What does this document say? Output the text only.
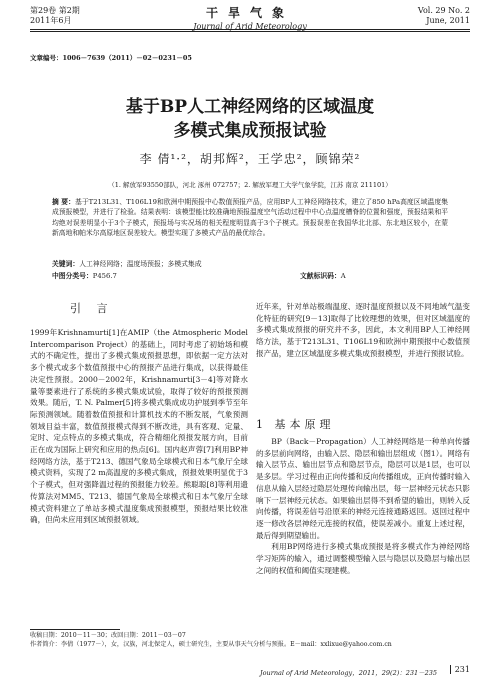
第29卷 第2期
2011年6月
干旱气象
Journal of Arid Meteorology
Vol. 29 No. 2
June, 2011
文章编号：1006－7639（2011）－02－0231－05
基于BP人工神经网络的区域温度
多模式集成预报试验
李 倩¹·²，胡邦辉²，王学忠²，顾锦荣²
（1. 解放军93550部队，河北 涿州 072757；2. 解放军理工大学气象学院，江苏 南京 211101）
摘 要：基于T213L31、T106L19和欧洲中期预报中心数值预报产品，应用BP人工神经网络技术，建立了850 hPa高度区域温度集成预报模型，并进行了检验。结果表明：该模型能比较准确地预报温度空气活动过程中中心点温度槽脊的位置和强度，预报结果和平均绝对误差明显小于3个子模式，预报场与实况场的相关程度明显高于3个子模式。预报误差在我国华北北部、东北地区较小，在蒙新高地和帕米尔高原地区误差较大。模型实现了多模式产品的最优综合。
关键词：人工神经网络；温度场预报；多模式集成
中图分类号：P456.7	文献标识码：A
引 言
1999年Krishnamurti[1]在AMIP（the Atmospheric Model Intercomparison Project）的基础上，同时考虑了初始场和模式的不确定性，提出了多模式集成预报思想，即依据一定方法对多个模式或多个数值预报中心的预报产品进行集成，以获得最佳决定性预报。2000－2002年，Krishnamurti[3－4]等对降水量等要素进行了系统的多模式集成试验，取得了较好的预报预测效果。随后，T. N. Palmer[5]将多模式集成成功护展到季节至年际预测领域。随着数值预报和计算机技术的不断发展，气象预测领域目益丰富，数值预报模式得到不断改进，具有客观、定量、定时、定点特点的多模式集成，符合精细化预报发展方向，目前正在成为国际上研究和应用的热点[6]。国内赵声蓉[7]利用BP神经网络方法，基于T213、德国气象局全球模式和日本气象厅全球模式资料，实现了2 m高温度的多模式集成，预报效果明显优于3个子模式，但对强降温过程的预报能力较差。熊聪聪[8]等利用遗传算法对MM5、T213、德国气象局全球模式和日本气象厅全球模式资料建立了单站多模式温度集成预报模型，预报结果比较准确，但尚未应用到区域预报领域。
近年来，针对单站极端温度、逐时温度预报以及不同地域气温变化特征的研究[9－13]取得了比较理想的效果，但对区域温度的多模式集成预报的研究并不多，因此，本文利用BP人工神经网络方法，基于T213L31、T106L19和欧洲中期预报中心数值预报产品，建立区域温度多模式集成预报模型，并进行预报试验。
1 基本原理
BP（Back－Propagation）人工神经网络是一种单向传播的多层前向网络，由输入层、隐层和输出层组成（图1）。网络有输入层节点、输出层节点和隐层节点，隐层可以是1层，也可以是多层。学习过程由正向传播和反向传播组成，正向传播时输入信息从输入层经过隐层处理传向输出层，每一层神经元状态只影响下一层神经元状态。如果输出层得不到希望的输出，则转入反向传播，将误差信号沿原来的神经元连接通路返回。返回过程中逐一修改各层神经元连接的权值，使误差减小。重复上述过程，最后得到期望输出。
利用BP网络进行多模式集成预报是将多模式作为神经网络学习矩阵的输入，通过调整模型输入层与隐层以及隐层与输出层之间的权值和阈值实现建模。
收稿日期：2010－11－30；改回日期：2011－03－07
作者简介：李倩（1977－），女，汉族，河北保定人，硕士研究生，主要从事天气分析与预报。E－mail：xxlixue@yahoo.com.cn
Journal of Arid Meteorology，2011，29(2)：231－235	231
